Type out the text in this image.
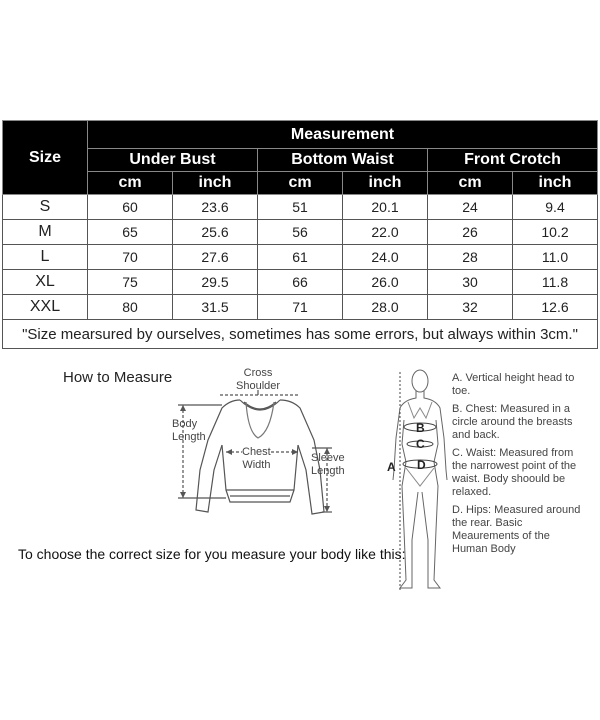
Size	Measurement					
	Under Bust		Bottom Waist		Front Crotch	
	cm	inch	cm	inch	cm	inch
S	60	23.6	51	20.1	24	9.4
M	65	25.6	56	22.0	26	10.2
L	70	27.6	61	24.0	28	11.0
XL	75	29.5	66	26.0	30	11.8
XXL	80	31.5	71	28.0	32	12.6
"Size mearsured by ourselves, sometimes has some errors, but always within 3cm."						
How to Measure	Cross
Shoulder
Body
Length
Chest
Width
Sleeve
Length	A
B
C
D
A. Vertical height head to toe.
B. Chest: Measured in a circle around the breasts and back.
C. Waist: Measured from the narrowest point of the waist. Body shoould be relaxed.
D. Hips: Measured around the rear. Basic Meaurements of the Human Body
To choose the correct size for you measure your body like this:
